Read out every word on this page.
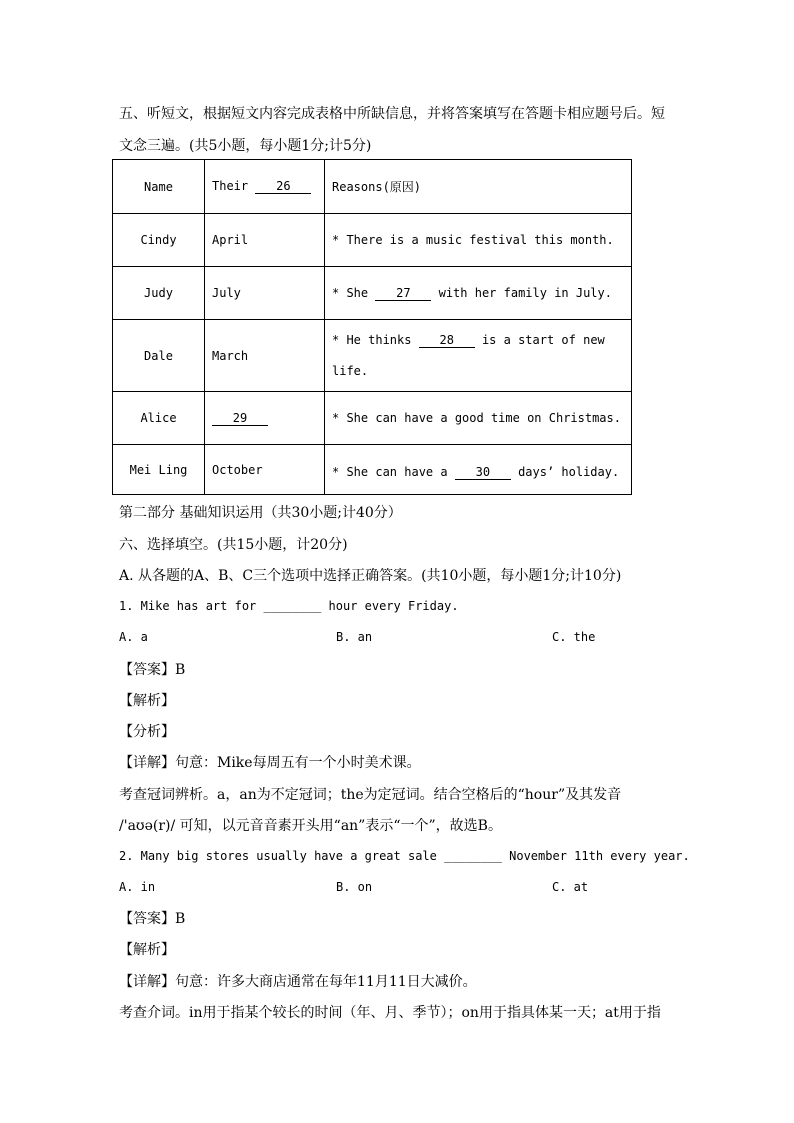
五、听短文，根据短文内容完成表格中所缺信息，并将答案填写在答题卡相应题号后。短
文念三遍。(共5小题，每小题1分;计5分)
Name	Their 26	Reasons(原因)
Cindy	April	* There is a music festival this month.
Judy	July	* She 27 with her family in July.
Dale	March	* He thinks 28 is a start of new
life.
Alice	29	* She can have a good time on Christmas.
Mei Ling	October	* She can have a 30 days’ holiday.
第二部分 基础知识运用（共30小题;计40分）
六、选择填空。(共15小题，计20分)
A. 从各题的A、B、C三个选项中选择正确答案。(共10小题，每小题1分;计10分)
1. Mike has art for ________ hour every Friday.
A. a	B. an	C. the
【答案】B
【解析】
【分析】
【详解】句意：Mike每周五有一个小时美术课。
考查冠词辨析。a，an为不定冠词；the为定冠词。结合空格后的“hour”及其发音
/'aʊə(r)/ 可知，以元音音素开头用“an”表示“一个”，故选B。
2. Many big stores usually have a great sale ________ November 11th every year.
A. in	B. on	C. at
【答案】B
【解析】
【详解】句意：许多大商店通常在每年11月11日大减价。
考查介词。in用于指某个较长的时间（年、月、季节）；on用于指具体某一天；at用于指
